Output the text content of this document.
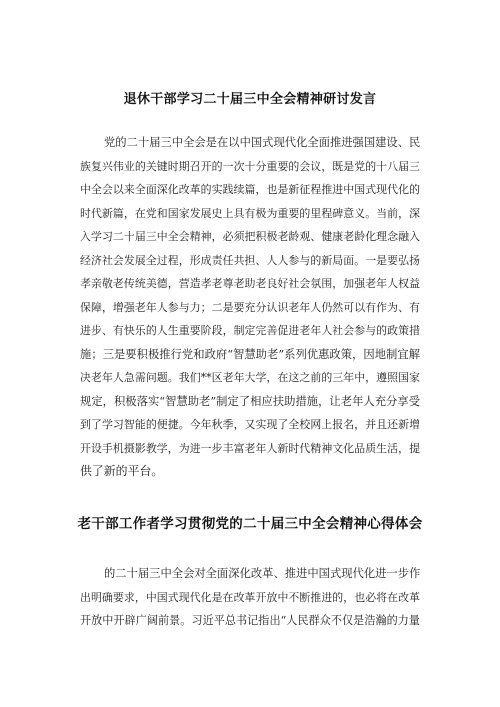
退休干部学习二十届三中全会精神研讨发言
党的二十届三中全会是在以中国式现代化全面推进强国建设、民
族复兴伟业的关键时期召开的一次十分重要的会议，既是党的十八届三
中全会以来全面深化改革的实践续篇，也是新征程推进中国式现代化的
时代新篇，在党和国家发展史上具有极为重要的里程碑意义。当前，深
入学习二十届三中全会精神，必须把积极老龄观、健康老龄化理念融入
经济社会发展全过程，形成责任共担、人人参与的新局面。一是要弘扬
孝亲敬老传统美德，营造孝老尊老助老良好社会氛围，加强老年人权益
保障，增强老年人参与力；二是要充分认识老年人仍然可以有作为、有
进步、有快乐的人生重要阶段，制定完善促进老年人社会参与的政策措
施；三是要积极推行党和政府“智慧助老”系列优惠政策，因地制宜解
决老年人急需问题。我们**区老年大学，在这之前的三年中，遵照国家
规定，积极落实“智慧助老”制定了相应扶助措施，让老年人充分享受
到了学习智能的便捷。今年秋季，又实现了全校网上报名，并且还新增
开设手机摄影教学，为进一步丰富老年人新时代精神文化品质生活，提
供了新的平台。
老干部工作者学习贯彻党的二十届三中全会精神心得体会
的二十届三中全会对全面深化改革、推进中国式现代化进一步作
出明确要求，中国式现代化是在改革开放中不断推进的，也必将在改革
开放中开辟广阔前景。习近平总书记指出“人民群众不仅是浩瀚的力量
